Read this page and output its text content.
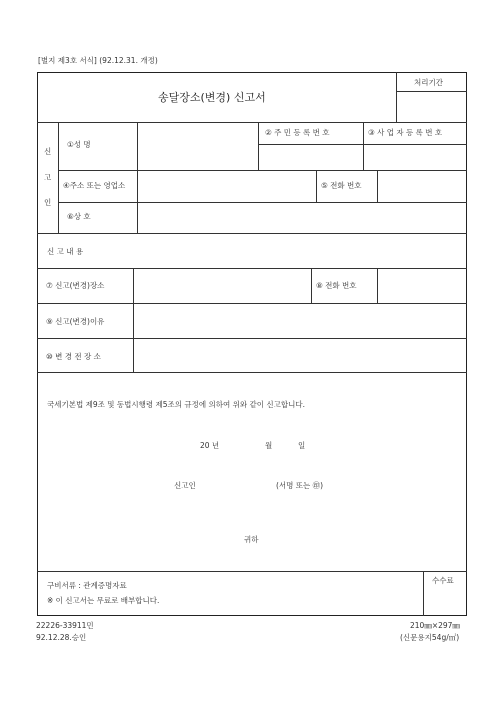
[별지 제3호 서식] (92.12.31. 개정)
송달장소(변경) 신고서
처리기간
신
고
인
①성 명
② 주 민 등 록 번 호	③ 사 업 자 등 록 번 호
④주소 또는 영업소	⑤ 전화 번호
⑥상 호
신 고 내 용
⑦ 신고(변경)장소	⑧ 전화 번호
⑨ 신고(변경)이유
⑩ 변 경 전 장 소
국세기본법 제9조 및 동법시행령 제5조의 규정에 의하여 위와 같이 신고합니다.
20 년	월	일
신고인	(서명 또는 ㊞)
귀하
구비서류 : 관계증명자료
※ 이 신고서는 무료로 배부합니다.
수수료
22226-33911민
92.12.28.승인
210㎜×297㎜
(신문용지54g/㎡)
